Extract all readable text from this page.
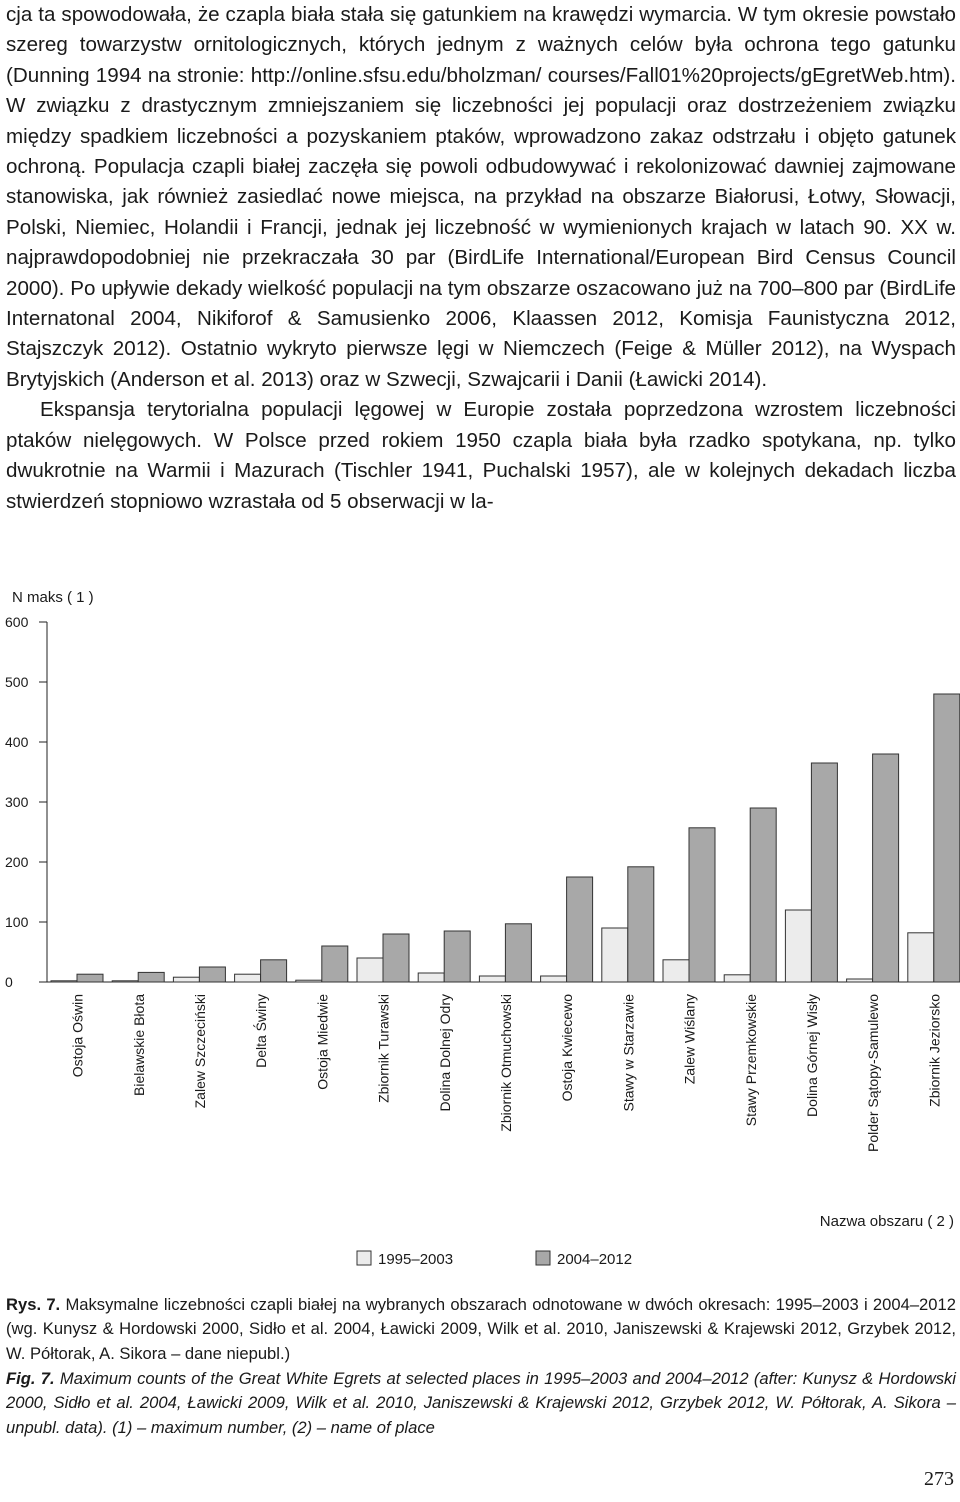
cja ta spowodowała, że czapla biała stała się gatunkiem na krawędzi wymarcia. W tym okresie powstało szereg towarzystw ornitologicznych, których jednym z ważnych celów była ochrona tego gatunku (Dunning 1994 na stronie: http://online.sfsu.edu/bholzman/ courses/Fall01%20projects/gEgretWeb.htm). W związku z drastycznym zmniejszaniem się liczebności jej populacji oraz dostrzeżeniem związku między spadkiem liczebności a pozyskaniem ptaków, wprowadzono zakaz odstrzału i objęto gatunek ochroną. Populacja czapli białej zaczęła się powoli odbudowywać i rekolonizować dawniej zajmowane stanowiska, jak również zasiedlać nowe miejsca, na przykład na obszarze Białorusi, Łotwy, Słowacji, Polski, Niemiec, Holandii i Francji, jednak jej liczebność w wymienionych krajach w latach 90. XX w. najprawdopodobniej nie przekraczała 30 par (BirdLife International/European Bird Census Council 2000). Po upływie dekady wielkość populacji na tym obszarze oszacowano już na 700–800 par (BirdLife Internatonal 2004, Nikiforof & Samusienko 2006, Klaassen 2012, Komisja Faunistyczna 2012, Stajszczyk 2012). Ostatnio wykryto pierwsze lęgi w Niemczech (Feige & Müller 2012), na Wyspach Brytyjskich (Anderson et al. 2013) oraz w Szwecji, Szwajcarii i Danii (Ławicki 2014).

Ekspansja terytorialna populacji lęgowej w Europie została poprzedzona wzrostem liczebności ptaków nielęgowych. W Polsce przed rokiem 1950 czapla biała była rzadko spotykana, np. tylko dwukrotnie na Warmii i Mazurach (Tischler 1941, Puchalski 1957), ale w kolejnych dekadach liczba stwierdzeń stopniowo wzrastała od 5 obserwacji w la-

0
100
200
300
400
500
600
Ostoja Oświn	Bielawskie Błota	Zalew Szczeciński	Delta Świny	Ostoja Miedwie	Zbiornik Turawski	Dolina Dolnej Odry	Zbiornik Otmuchowski	Ostoja Kwiecewo	Stawy w Starzawie	Zalew Wiślany	Stawy Przemkowskie	Dolina Górnej Wisły	Polder Sątopy-Samulewo	Zbiornik Jeziorsko
N maks ( 1 )
Nazwa obszaru ( 2 )
1995–2003	2004–2012
Rys. 7. Maksymalne liczebności czapli białej na wybranych obszarach odnotowane w dwóch okresach: 1995–2003 i 2004–2012 (wg. Kunysz & Hordowski 2000, Sidło et al. 2004, Ławicki 2009, Wilk et al. 2010, Janiszewski & Krajewski 2012, Grzybek 2012, W. Półtorak, A. Sikora – dane niepubl.)
Fig. 7. Maximum counts of the Great White Egrets at selected places in 1995–2003 and 2004–2012 (after: Kunysz & Hordowski 2000, Sidło et al. 2004, Ławicki 2009, Wilk et al. 2010, Janiszewski & Krajewski 2012, Grzybek 2012, W. Półtorak, A. Sikora – unpubl. data). (1) – maximum number, (2) – name of place
273
